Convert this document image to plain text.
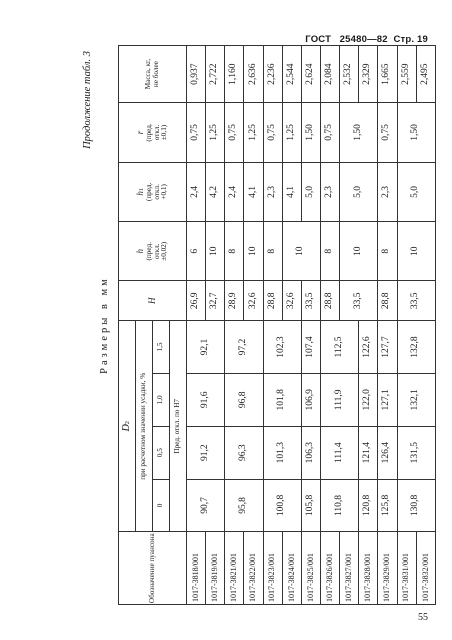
ГОСТ 25480—82 Стр. 19
Продолжение табл. 3
Размеры в мм
Обозначение пуансона	D2				H	h
(пред.
откл.
±0,02)	h1
(пред.
откл.
+0,1)	r
(пред.
откл.
±0,1)	Масса, кг,
не более
	при расчетном значении усадки, %								
	0	0,5	1,0	1,5					
	Пред. откл. по H7								
1017-3818/001	90,7	91,2	91,6	92,1	26,9	6	2,4	0,75	0,937
1017-3819/001					32,7	10	4,2	1,25	2,722
1017-3821/001	95,8	96,3	96,8	97,2	28,9	8	2,4	0,75	1,160
1017-3822/001					32,6	10	4,1	1,25	2,636
1017-3823/001	100,8	101,3	101,8	102,3	28,8	8	2,3	0,75	2,236
1017-3824/001					32,6	10	4,1	1,25	2,544
1017-3825/001	105,8	106,3	106,9	107,4	33,5		5,0	1,50	2,624
1017-3826/001	110,8	111,4	111,9	112,5	28,8	8	2,3	0,75	2,084
1017-3827/001					33,5	10	5,0	1,50	2,532
1017-3828/001	120,8	121,4	122,0	122,6					2,329
1017-3829/001	125,8	126,4	127,1	127,7	28,8	8	2,3	0,75	1,665
1017-3831/001	130,8	131,5	132,1	132,8	33,5	10	5,0	1,50	2,559
1017-3832/001									2,495
55
